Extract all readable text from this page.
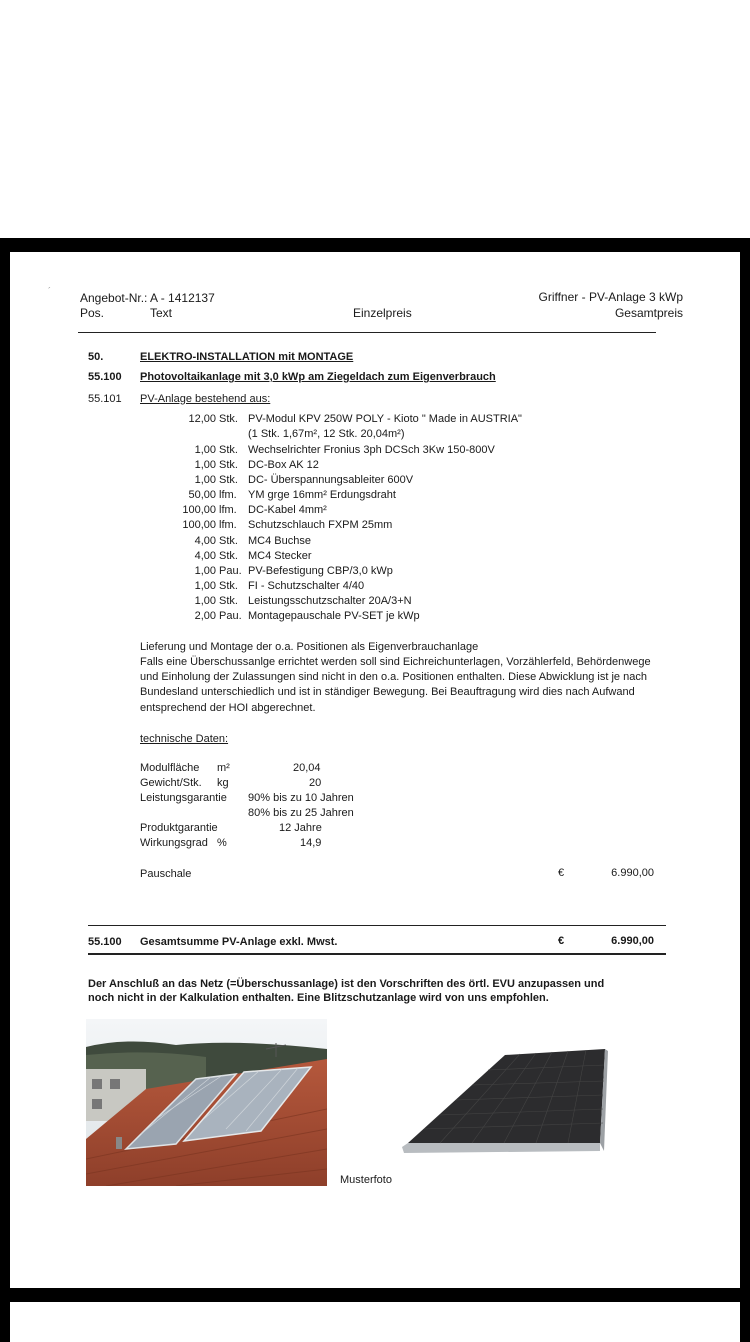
´ Angebot-Nr.: A - 1412137	Griffner - PV-Anlage 3 kWp
Pos.	Text	Einzelpreis	Gesamtpreis
50.	ELEKTRO-INSTALLATION mit MONTAGE
55.100 Photovoltaikanlage mit 3,0 kWp am Ziegeldach zum Eigenverbrauch
55.101 PV-Anlage bestehend aus:
12,00 Stk. PV-Modul KPV 250W POLY - Kioto " Made in AUSTRIA"
(1 Stk. 1,67m², 12 Stk. 20,04m²)
1,00 Stk. Wechselrichter Fronius 3ph DCSch 3Kw 150-800V
1,00 Stk. DC-Box AK 12
1,00 Stk. DC- Überspannungsableiter 600V
50,00 lfm. YM grge 16mm² Erdungsdraht
100,00 lfm. DC-Kabel 4mm²
100,00 lfm. Schutzschlauch FXPM 25mm
4,00 Stk. MC4 Buchse
4,00 Stk. MC4 Stecker
1,00 Pau. PV-Befestigung CBP/3,0 kWp
1,00 Stk. FI - Schutzschalter 4/40
1,00 Stk. Leistungsschutzschalter 20A/3+N
2,00 Pau. Montagepauschale PV-SET je kWp
Lieferung und Montage der o.a. Positionen als Eigenverbrauchanlage
Falls eine Überschussanlge errichtet werden soll sind Eichreichunterlagen, Vorzählerfeld, Behördenwege
und Einholung der Zulassungen sind nicht in den o.a. Positionen enthalten. Diese Abwicklung ist je nach
Bundesland unterschiedlich und ist in ständiger Bewegung. Bei Beauftragung wird dies nach Aufwand
entsprechend der HOI abgerechnet.
technische Daten:
Modulfläche m²	20,04
Gewicht/Stk. kg	20
Leistungsgarantie 90% bis zu 10 Jahren
80% bis zu 25 Jahren
Produktgarantie	12 Jahre
Wirkungsgrad %	14,9
Pauschale	€	6.990,00
55.100 Gesamtsumme PV-Anlage exkl. Mwst.	€	6.990,00
Der Anschluß an das Netz (=Überschussanlage) ist den Vorschriften des örtl. EVU anzupassen und
noch nicht in der Kalkulation enthalten. Eine Blitzschutzanlage wird von uns empfohlen.
Musterfoto
